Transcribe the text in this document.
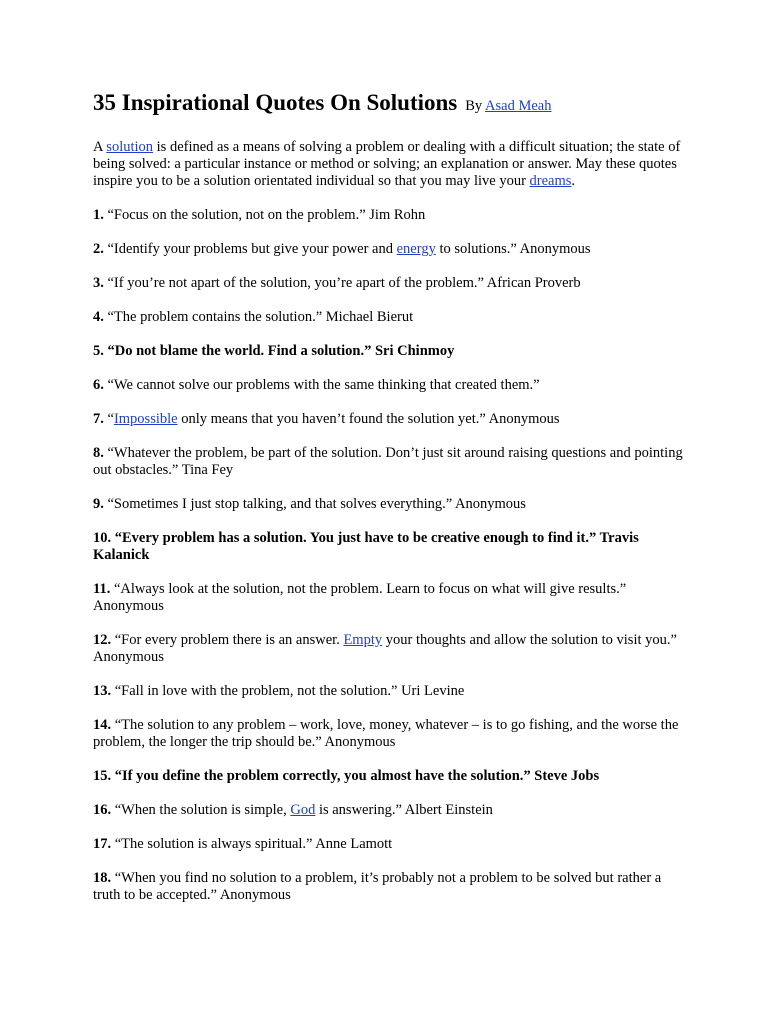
35 Inspirational Quotes On Solutions By Asad Meah

A solution is defined as a means of solving a problem or dealing with a difficult situation; the state of being solved: a particular instance or method or solving; an explanation or answer. May these quotes inspire you to be a solution orientated individual so that you may live your dreams.

1. “Focus on the solution, not on the problem.” Jim Rohn

2. “Identify your problems but give your power and energy to solutions.” Anonymous

3. “If you’re not apart of the solution, you’re apart of the problem.” African Proverb

4. “The problem contains the solution.” Michael Bierut

5. “Do not blame the world. Find a solution.” Sri Chinmoy

6. “We cannot solve our problems with the same thinking that created them.”

7. “Impossible only means that you haven’t found the solution yet.” Anonymous

8. “Whatever the problem, be part of the solution. Don’t just sit around raising questions and pointing out obstacles.” Tina Fey

9. “Sometimes I just stop talking, and that solves everything.” Anonymous

10. “Every problem has a solution. You just have to be creative enough to find it.” Travis Kalanick

11. “Always look at the solution, not the problem. Learn to focus on what will give results.” Anonymous

12. “For every problem there is an answer. Empty your thoughts and allow the solution to visit you.” Anonymous

13. “Fall in love with the problem, not the solution.” Uri Levine

14. “The solution to any problem – work, love, money, whatever – is to go fishing, and the worse the problem, the longer the trip should be.” Anonymous

15. “If you define the problem correctly, you almost have the solution.” Steve Jobs

16. “When the solution is simple, God is answering.” Albert Einstein

17. “The solution is always spiritual.” Anne Lamott

18. “When you find no solution to a problem, it’s probably not a problem to be solved but rather a truth to be accepted.” Anonymous
